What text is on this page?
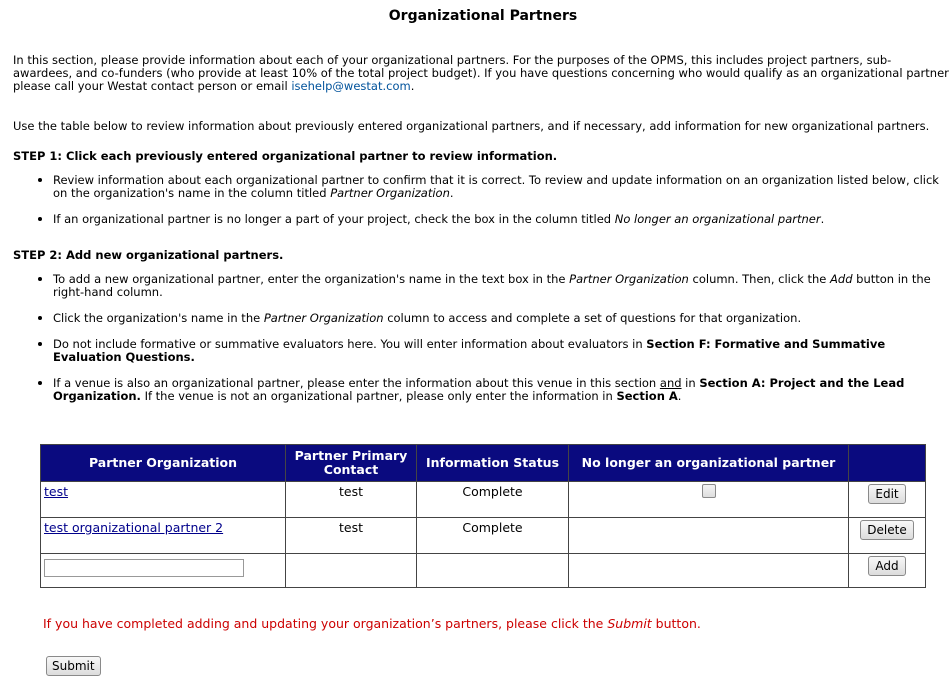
Organizational Partners

In this section, please provide information about each of your organizational partners. For the purposes of the OPMS, this includes project partners, sub-awardees, and co-funders (who provide at least 10% of the total project budget). If you have questions concerning who would qualify as an organizational partner please call your Westat contact person or email isehelp@westat.com.

Use the table below to review information about previously entered organizational partners, and if necessary, add information for new organizational partners.

STEP 1: Click each previously entered organizational partner to review information.

Review information about each organizational partner to confirm that it is correct. To review and update information on an organization listed below, click on the organization's name in the column titled Partner Organization.
If an organizational partner is no longer a part of your project, check the box in the column titled No longer an organizational partner.

STEP 2: Add new organizational partners.

To add a new organizational partner, enter the organization's name in the text box in the Partner Organization column. Then, click the Add button in the right-hand column.
Click the organization's name in the Partner Organization column to access and complete a set of questions for that organization.
Do not include formative or summative evaluators here. You will enter information about evaluators in Section F: Formative and Summative Evaluation Questions.
If a venue is also an organizational partner, please enter the information about this venue in this section and in Section A: Project and the Lead Organization. If the venue is not an organizational partner, please only enter the information in Section A.
Partner Organization	Partner Primary Contact	Information Status	No longer an organizational partner	
test	test	Complete		Edit
test organizational partner 2	test	Complete		Delete
				Add
If you have completed adding and updating your organization’s partners, please click the Submit button.
Submit
